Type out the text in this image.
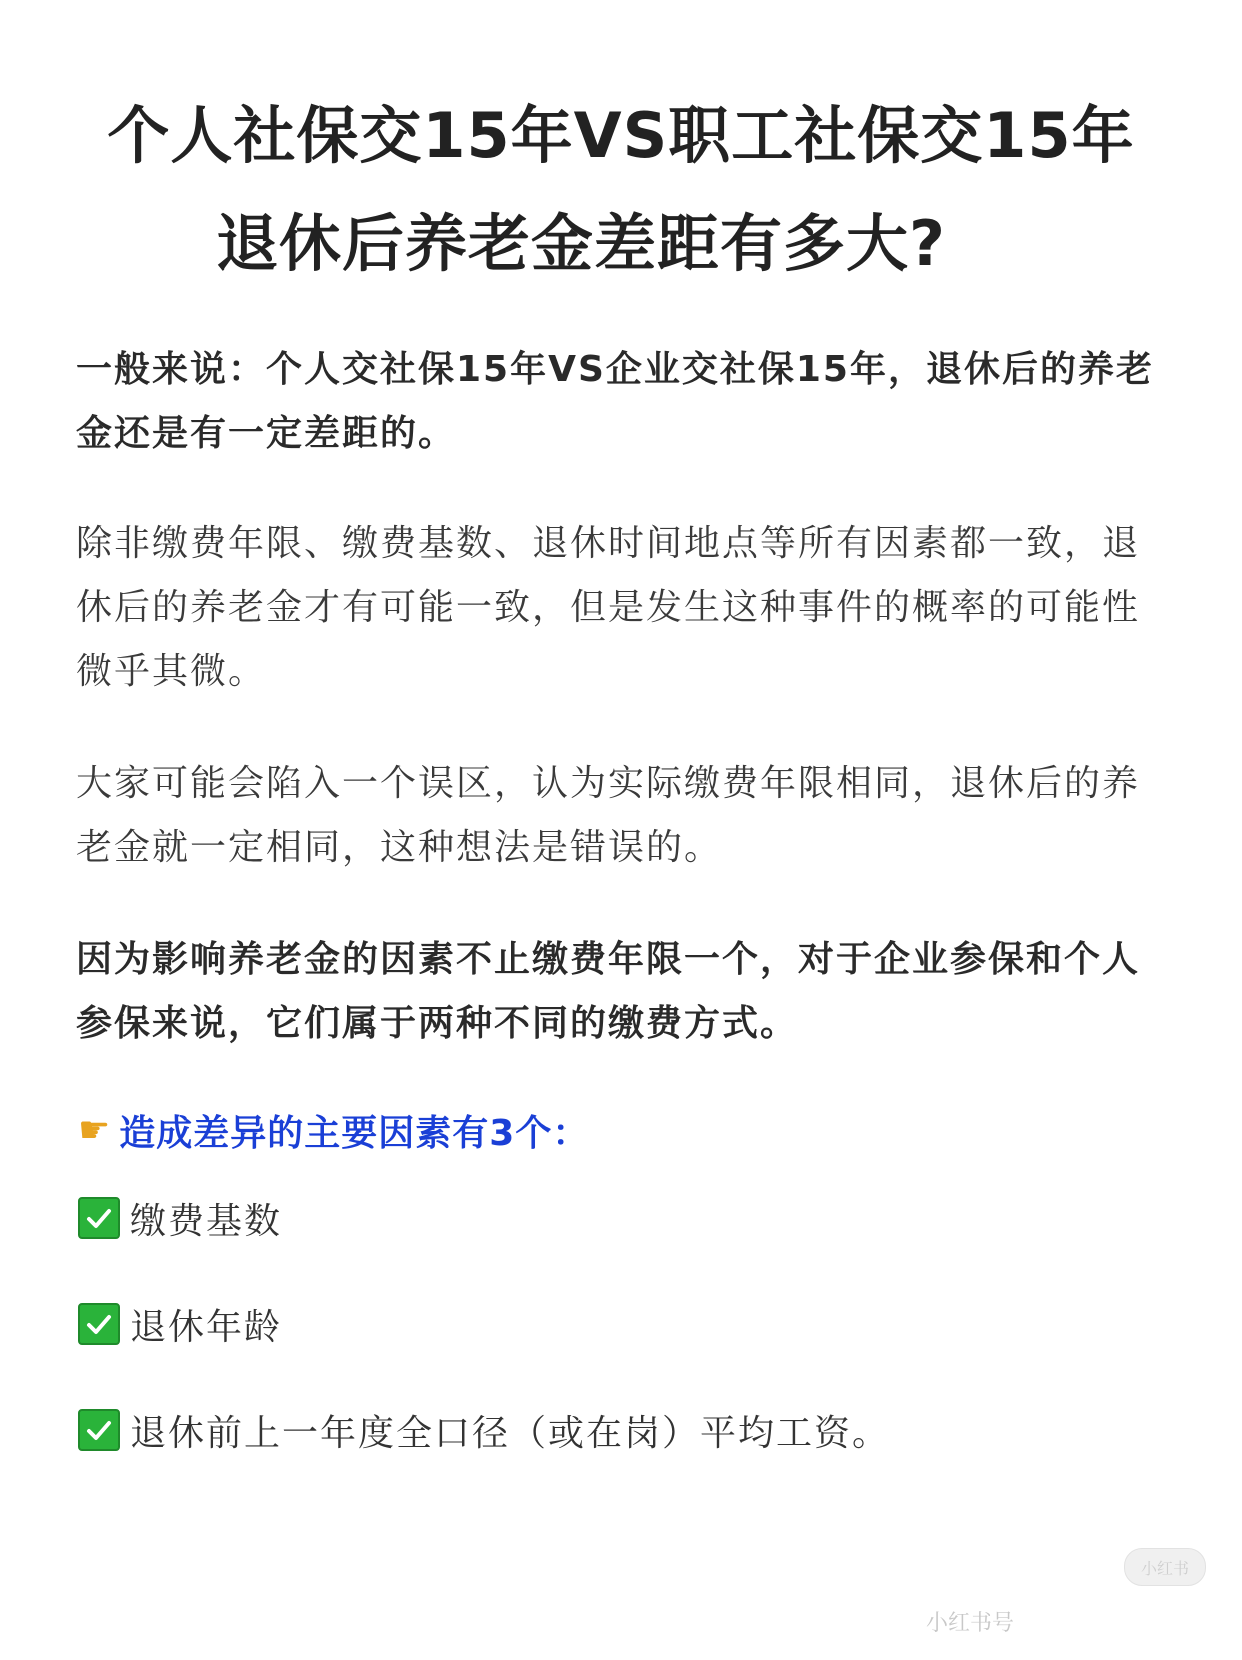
个人社保交15年VS职工社保交15年
退休后养老金差距有多大?
一般来说：个人交社保15年VS企业交社保15年，退休后的养老金还是有一定差距的。
除非缴费年限、缴费基数、退休时间地点等所有因素都一致，退休后的养老金才有可能一致，但是发生这种事件的概率的可能性微乎其微。
大家可能会陷入一个误区，认为实际缴费年限相同，退休后的养老金就一定相同，这种想法是错误的。
因为影响养老金的因素不止缴费年限一个，对于企业参保和个人参保来说，它们属于两种不同的缴费方式。
☛ 造成差异的主要因素有3个：
缴费基数
退休年龄
退休前上一年度全口径（或在岗）平均工资。
小红书
小红书号
